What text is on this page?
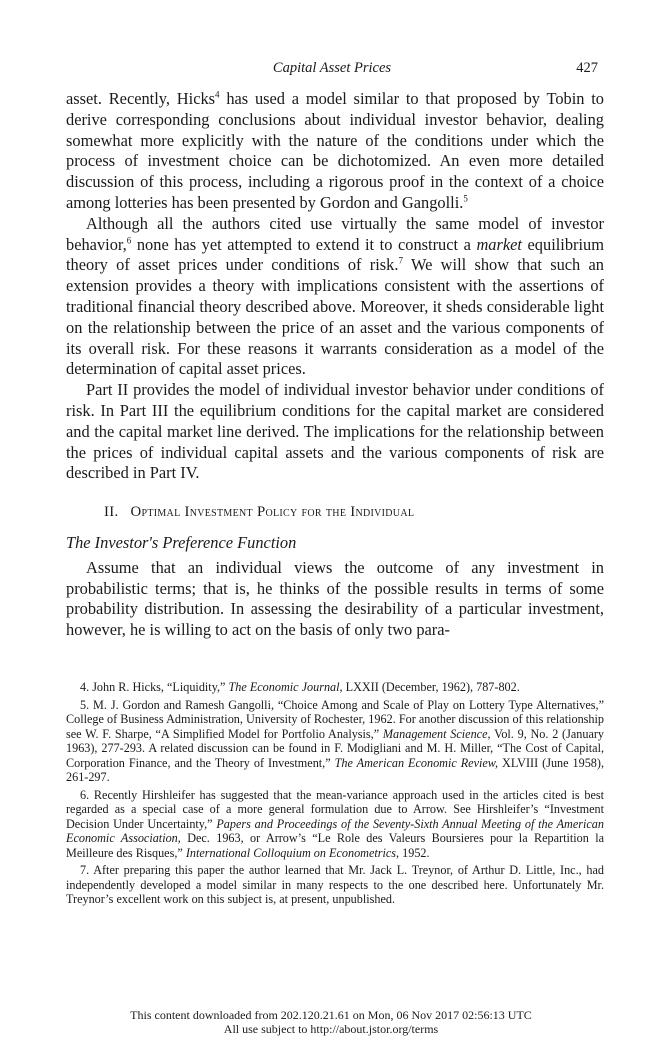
Capital Asset Prices	427

asset. Recently, Hicks$^4$ has used a model similar to that proposed by Tobin to derive corresponding conclusions about individual investor behavior, dealing somewhat more explicitly with the nature of the conditions under which the process of investment choice can be dichotomized. An even more detailed discussion of this process, including a rigorous proof in the context of a choice among lotteries has been presented by Gordon and Gangolli.$^5$

Although all the authors cited use virtually the same model of investor behavior,$^6$ none has yet attempted to extend it to construct a market equilibrium theory of asset prices under conditions of risk.$^7$ We will show that such an extension provides a theory with implications consistent with the assertions of traditional financial theory described above. Moreover, it sheds considerable light on the relationship between the price of an asset and the various components of its overall risk. For these reasons it warrants consideration as a model of the determination of capital asset prices.

Part II provides the model of individual investor behavior under conditions of risk. In Part III the equilibrium conditions for the capital market are considered and the capital market line derived. The implications for the relationship between the prices of individual capital assets and the various components of risk are described in Part IV.

II. Optimal Investment Policy for the Individual

The Investor's Preference Function

Assume that an individual views the outcome of any investment in probabilistic terms; that is, he thinks of the possible results in terms of some probability distribution. In assessing the desirability of a particular investment, however, he is willing to act on the basis of only two para-

4. John R. Hicks, “Liquidity,” The Economic Journal, LXXII (December, 1962), 787-802.

5. M. J. Gordon and Ramesh Gangolli, “Choice Among and Scale of Play on Lottery Type Alternatives,” College of Business Administration, University of Rochester, 1962. For another discussion of this relationship see W. F. Sharpe, “A Simplified Model for Portfolio Analysis,” Management Science, Vol. 9, No. 2 (January 1963), 277-293. A related discussion can be found in F. Modigliani and M. H. Miller, “The Cost of Capital, Corporation Finance, and the Theory of Investment,” The American Economic Review, XLVIII (June 1958), 261-297.

6. Recently Hirshleifer has suggested that the mean-variance approach used in the articles cited is best regarded as a special case of a more general formulation due to Arrow. See Hirshleifer’s “Investment Decision Under Uncertainty,” Papers and Proceedings of the Seventy-Sixth Annual Meeting of the American Economic Association, Dec. 1963, or Arrow’s “Le Role des Valeurs Boursieres pour la Repartition la Meilleure des Risques,” International Colloquium on Econometrics, 1952.

7. After preparing this paper the author learned that Mr. Jack L. Treynor, of Arthur D. Little, Inc., had independently developed a model similar in many respects to the one described here. Unfortunately Mr. Treynor’s excellent work on this subject is, at present, unpublished.

This content downloaded from 202.120.21.61 on Mon, 06 Nov 2017 02:56:13 UTC
All use subject to http://about.jstor.org/terms
